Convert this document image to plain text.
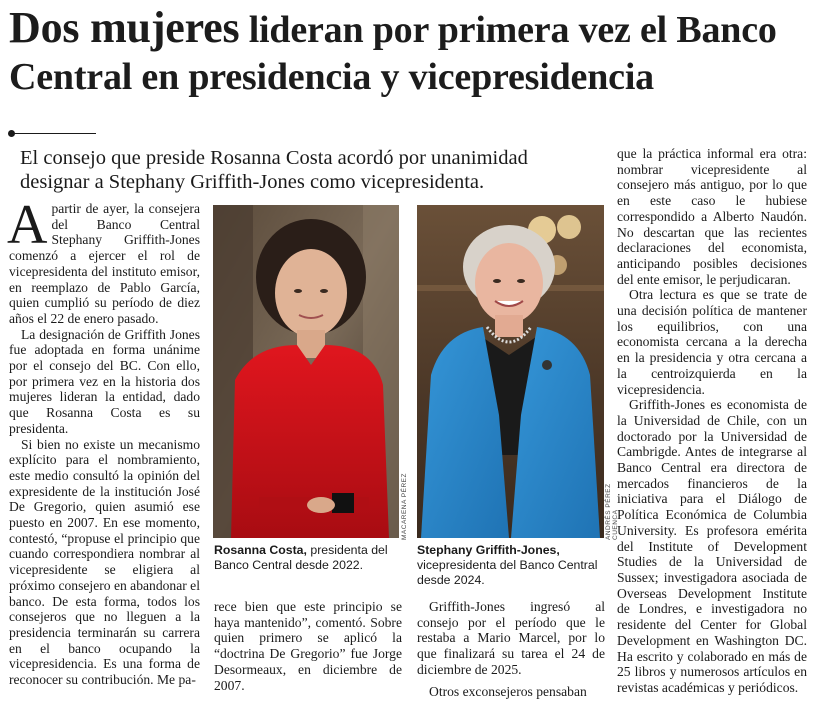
Dos mujeres lideran por primera vez el Banco Central en presidencia y vicepresidencia
El consejo que preside Rosanna Costa acordó por unanimidad designar a Stephany Griffith-Jones como vicepresidenta.

Apartir de ayer, la consejera del Banco Central Stephany Griffith-Jones comenzó a ejercer el rol de vicepresidenta del instituto emisor, en reemplazo de Pablo García, quien cumplió su período de diez años el 22 de enero pasado.

La designación de Griffith Jones fue adoptada en forma unánime por el consejo del BC. Con ello, por primera vez en la historia dos mujeres lideran la entidad, dado que Rosanna Costa es su presidenta.

Si bien no existe un mecanismo explícito para el nombramiento, este medio consultó la opinión del expresidente de la institución José De Gregorio, quien asumió ese puesto en 2007. En ese momento, contestó, “propuse el principio que cuando correspondiera nombrar al vicepresidente se eligiera al próximo consejero en abandonar el banco. De esta forma, todos los consejeros que no lleguen a la presidencia terminarán su carrera en el banco ocupando la vicepresidencia. Es una forma de reconocer su contribución. Me pa-

MACARENA PÉREZ
Rosanna Costa, presidenta del Banco Central desde 2022.
ANDRÉS PÉREZ CUENCA
Stephany Griffith-Jones, vicepresidenta del Banco Central desde 2024.

rece bien que este principio se haya mantenido”, comentó. Sobre quien primero se aplicó la “doctrina De Gregorio” fue Jorge Desormeaux, en diciembre de 2007.

Griffith-Jones ingresó al consejo por el período que le restaba a Mario Marcel, por lo que finalizará su tarea el 24 de diciembre de 2025.

Otros exconsejeros pensaban

que la práctica informal era otra: nombrar vicepresidente al consejero más antiguo, por lo que en este caso le hubiese correspondido a Alberto Naudón. No descartan que las recientes declaraciones del economista, anticipando posibles decisiones del ente emisor, le perjudicaran.

Otra lectura es que se trate de una decisión política de mantener los equilibrios, con una economista cercana a la derecha en la presidencia y otra cercana a la centroizquierda en la vicepresidencia.

Griffith-Jones es economista de la Universidad de Chile, con un doctorado por la Universidad de Cambrigde. Antes de integrarse al Banco Central era directora de mercados financieros de la iniciativa para el Diálogo de Política Económica de Columbia University. Es profesora emérita del Institute of Development Studies de la Universidad de Sussex; investigadora asociada de Overseas Development Institute de Londres, e investigadora no residente del Center for Global Development en Washington DC. Ha escrito y colaborado en más de 25 libros y numerosos artículos en revistas académicas y periódicos.
